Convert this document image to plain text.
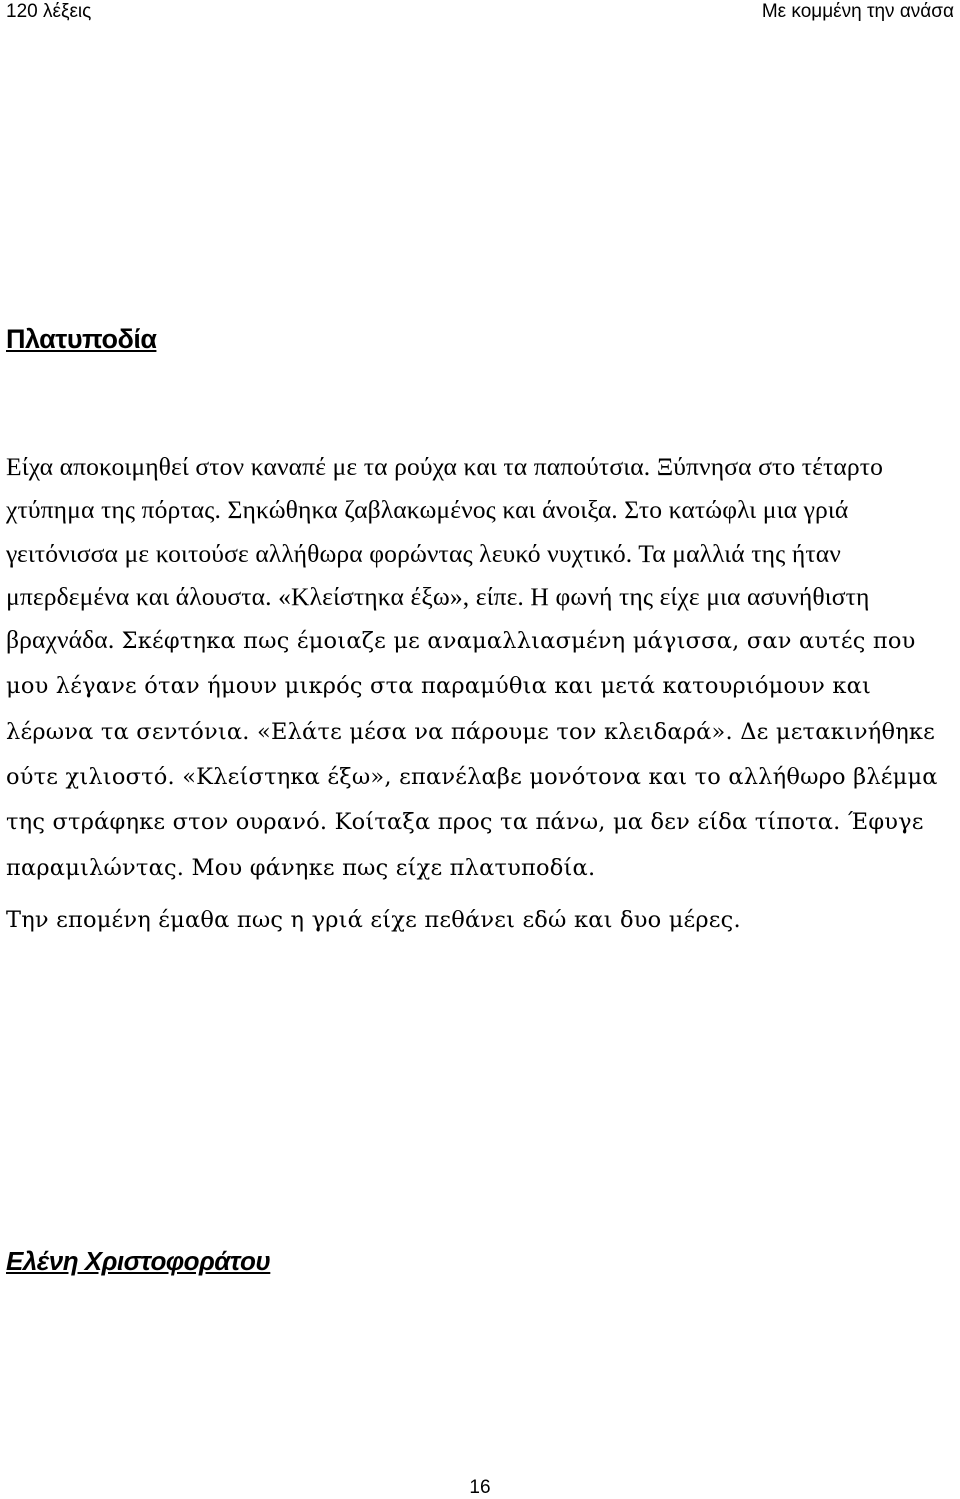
120 λέξεις	Με κομμένη την ανάσα
Πλατυποδία

Είχα αποκοιμηθεί στον καναπέ με τα ρούχα και τα παπούτσια. Ξύπνησα στο τέταρτο χτύπημα της πόρτας. Σηκώθηκα ζαβλακωμένος και άνοιξα. Στο κατώφλι μια γριά γειτόνισσα με κοιτούσε αλλήθωρα φορώντας λευκό νυχτικό. Τα μαλλιά της ήταν μπερδεμένα και άλουστα. «Κλείστηκα έξω», είπε. Η φωνή της είχε μια ασυνήθιστη βραχνάδα. Σκέφτηκα πως έμοιαζε με αναμαλλιασμένη μάγισσα, σαν αυτές που μου λέγανε όταν ήμουν μικρός στα παραμύθια και μετά κατουριόμουν και λέρωνα τα σεντόνια. «Ελάτε μέσα να πάρουμε τον κλειδαρά». Δε μετακινήθηκε ούτε χιλιοστό. «Κλείστηκα έξω», επανέλαβε μονότονα και το αλλήθωρο βλέμμα της στράφηκε στον ουρανό. Κοίταξα προς τα πάνω, μα δεν είδα τίποτα. Έφυγε παραμιλώντας. Μου φάνηκε πως είχε πλατυποδία.

Την επομένη έμαθα πως η γριά είχε πεθάνει εδώ και δυο μέρες.

Ελένη Χριστοφοράτου

16
